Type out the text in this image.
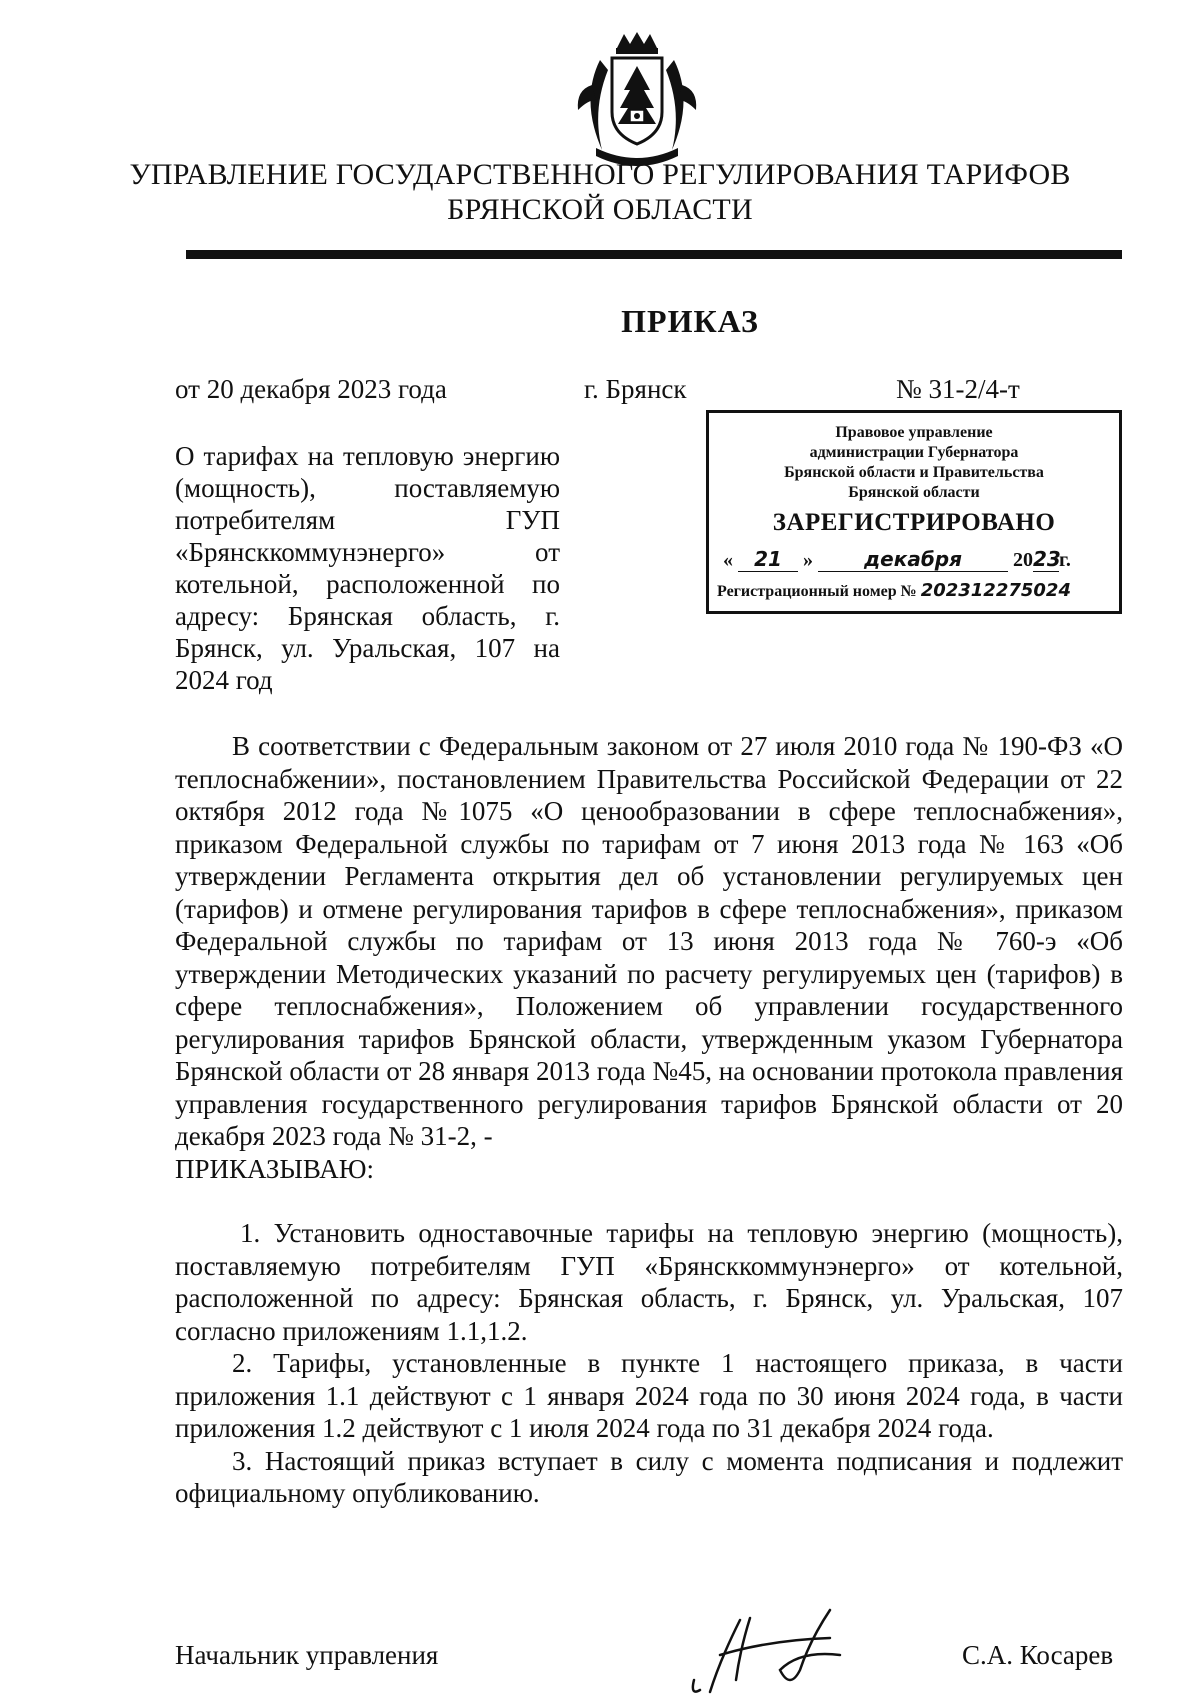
УПРАВЛЕНИЕ ГОСУДАРСТВЕННОГО РЕГУЛИРОВАНИЯ ТАРИФОВ
БРЯНСКОЙ ОБЛАСТИ
ПРИКАЗ
от 20 декабря 2023 года	г. Брянск	№ 31-2/4-т
О тарифах на тепловую энергию (мощность), поставляемую потребителям ГУП «Брянсккоммунэнерго» от котельной, расположенной по адресу: Брянская область, г. Брянск, ул. Уральская, 107 на 2024 год
Правовое управление
администрации Губернатора
Брянской области и Правительства
Брянской области
ЗАРЕГИСТРИРОВАНО
« 21 »	декабря	2023г.
Регистрационный номер № 202312275024

В соответствии с Федеральным законом от 27 июля 2010 года № 190-ФЗ «О теплоснабжении», постановлением Правительства Российской Федерации от 22 октября 2012 года №1075 «О ценообразовании в сфере теплоснабжения», приказом Федеральной службы по тарифам от 7 июня 2013 года № 163 «Об утверждении Регламента открытия дел об установлении регулируемых цен (тарифов) и отмене регулирования тарифов в сфере теплоснабжения», приказом Федеральной службы по тарифам от 13 июня 2013 года № 760-э «Об утверждении Методических указаний по расчету регулируемых цен (тарифов) в сфере теплоснабжения», Положением об управлении государственного регулирования тарифов Брянской области, утвержденным указом Губернатора Брянской области от 28 января 2013 года №45, на основании протокола правления управления государственного регулирования тарифов Брянской области от 20 декабря 2023 года № 31-2, -

ПРИКАЗЫВАЮ:

1. Установить одноставочные тарифы на тепловую энергию (мощность), поставляемую потребителям ГУП «Брянсккоммунэнерго» от котельной, расположенной по адресу: Брянская область, г. Брянск, ул. Уральская, 107 согласно приложениям 1.1,1.2.

2. Тарифы, установленные в пункте 1 настоящего приказа, в части приложения 1.1 действуют с 1 января 2024 года по 30 июня 2024 года, в части приложения 1.2 действуют с 1 июля 2024 года по 31 декабря 2024 года.

3. Настоящий приказ вступает в силу с момента подписания и подлежит официальному опубликованию.

Начальник управления	С.А. Косарев
